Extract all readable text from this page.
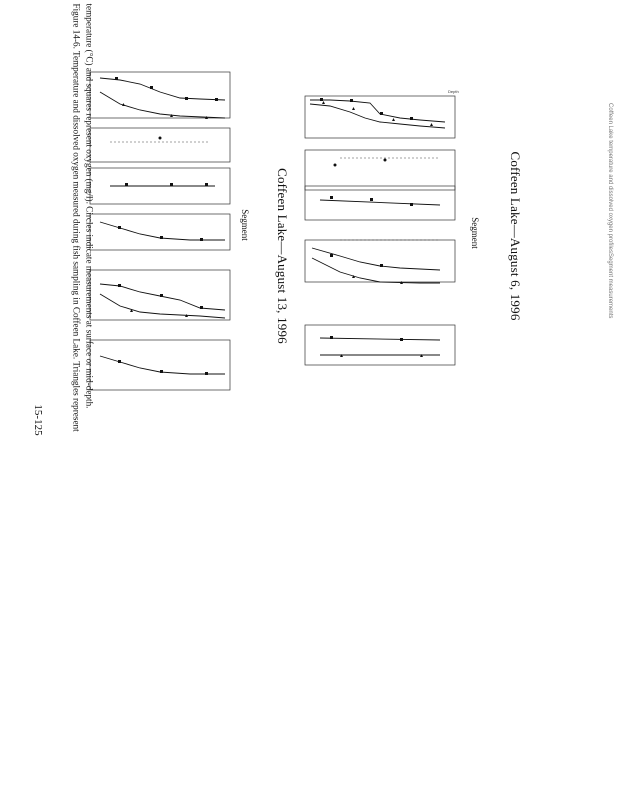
Coffeen Lake temperature and dissolved oxygen profiles
Segment measurements
Coffeen Lake—August 6, 1996
Segment
Coffeen Lake—August 13, 1996
Segment
Figure 14-6. Temperature and dissolved oxygen measured during fish sampling in Coffeen Lake. Triangles represent temperature (°C) and squares represent oxygen (mg/l). Circles indicate measurements at surface or mid-depth.
15-125
Depth
